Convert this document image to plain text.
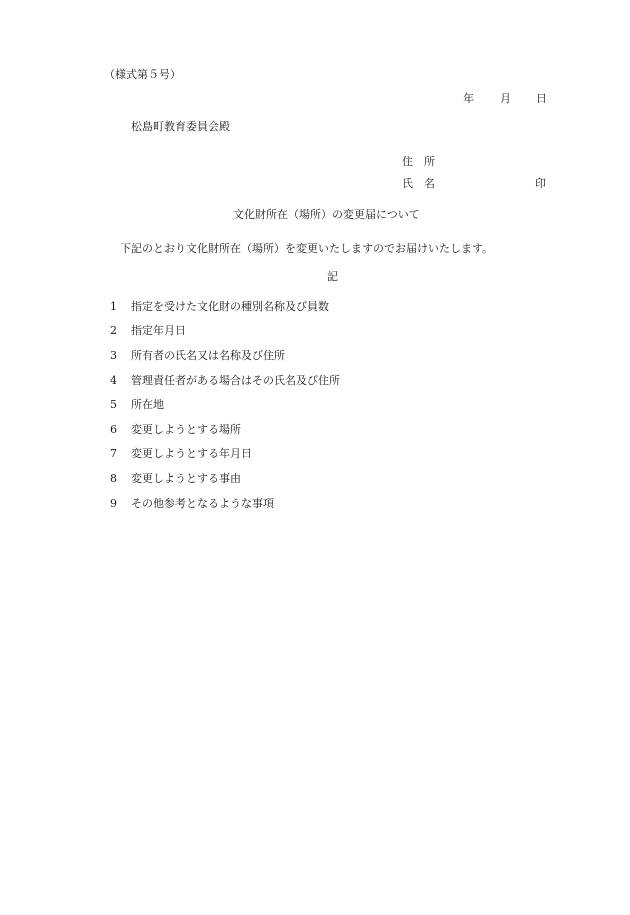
（様式第５号）
年 月 日
松島町教育委員会殿
住 所
氏 名	印
文化財所在（場所）の変更届について
下記のとおり文化財所在（場所）を変更いたしますのでお届けいたします。
記
1 指定を受けた文化財の種別名称及び員数
2 指定年月日
3 所有者の氏名又は名称及び住所
4 管理責任者がある場合はその氏名及び住所
5 所在地
6 変更しようとする場所
7 変更しようとする年月日
8 変更しようとする事由
9 その他参考となるような事項
